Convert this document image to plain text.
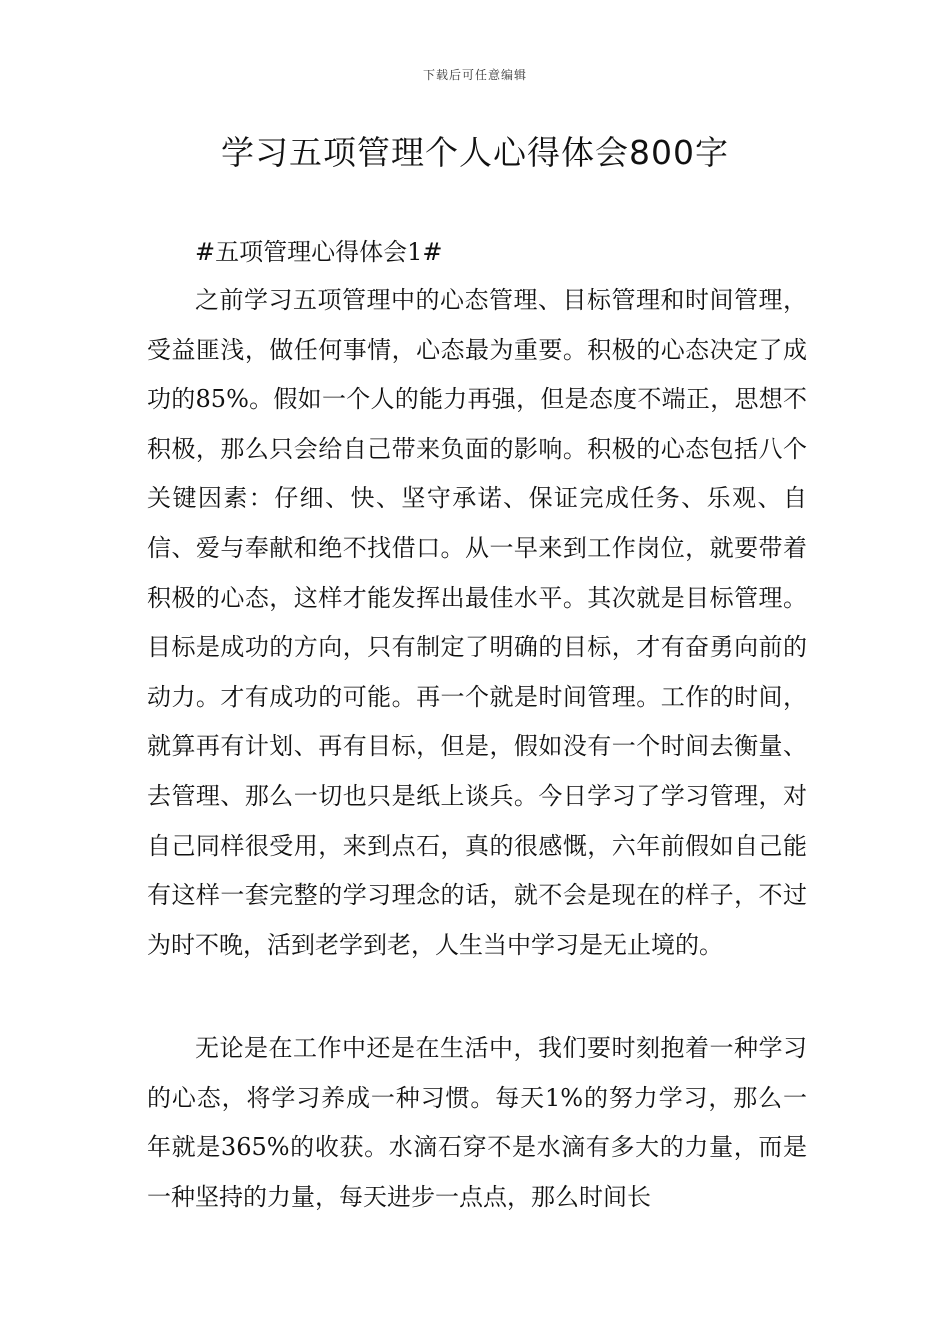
下载后可任意编辑
学习五项管理个人心得体会800字

#五项管理心得体会1#

之前学习五项管理中的心态管理、目标管理和时间管理，受益匪浅，做任何事情，心态最为重要。积极的心态决定了成功的85%。假如一个人的能力再强，但是态度不端正，思想不积极，那么只会给自己带来负面的影响。积极的心态包括八个关键因素：仔细、快、坚守承诺、保证完成任务、乐观、自信、爱与奉献和绝不找借口。从一早来到工作岗位，就要带着积极的心态，这样才能发挥出最佳水平。其次就是目标管理。目标是成功的方向，只有制定了明确的目标，才有奋勇向前的动力。才有成功的可能。再一个就是时间管理。工作的时间，就算再有计划、再有目标，但是，假如没有一个时间去衡量、去管理、那么一切也只是纸上谈兵。今日学习了学习管理，对自己同样很受用，来到点石，真的很感慨，六年前假如自己能有这样一套完整的学习理念的话，就不会是现在的样子，不过为时不晚，活到老学到老，人生当中学习是无止境的。

无论是在工作中还是在生活中，我们要时刻抱着一种学习的心态，将学习养成一种习惯。每天1%的努力学习，那么一年就是365%的收获。水滴石穿不是水滴有多大的力量，而是一种坚持的力量，每天进步一点点，那么时间长
